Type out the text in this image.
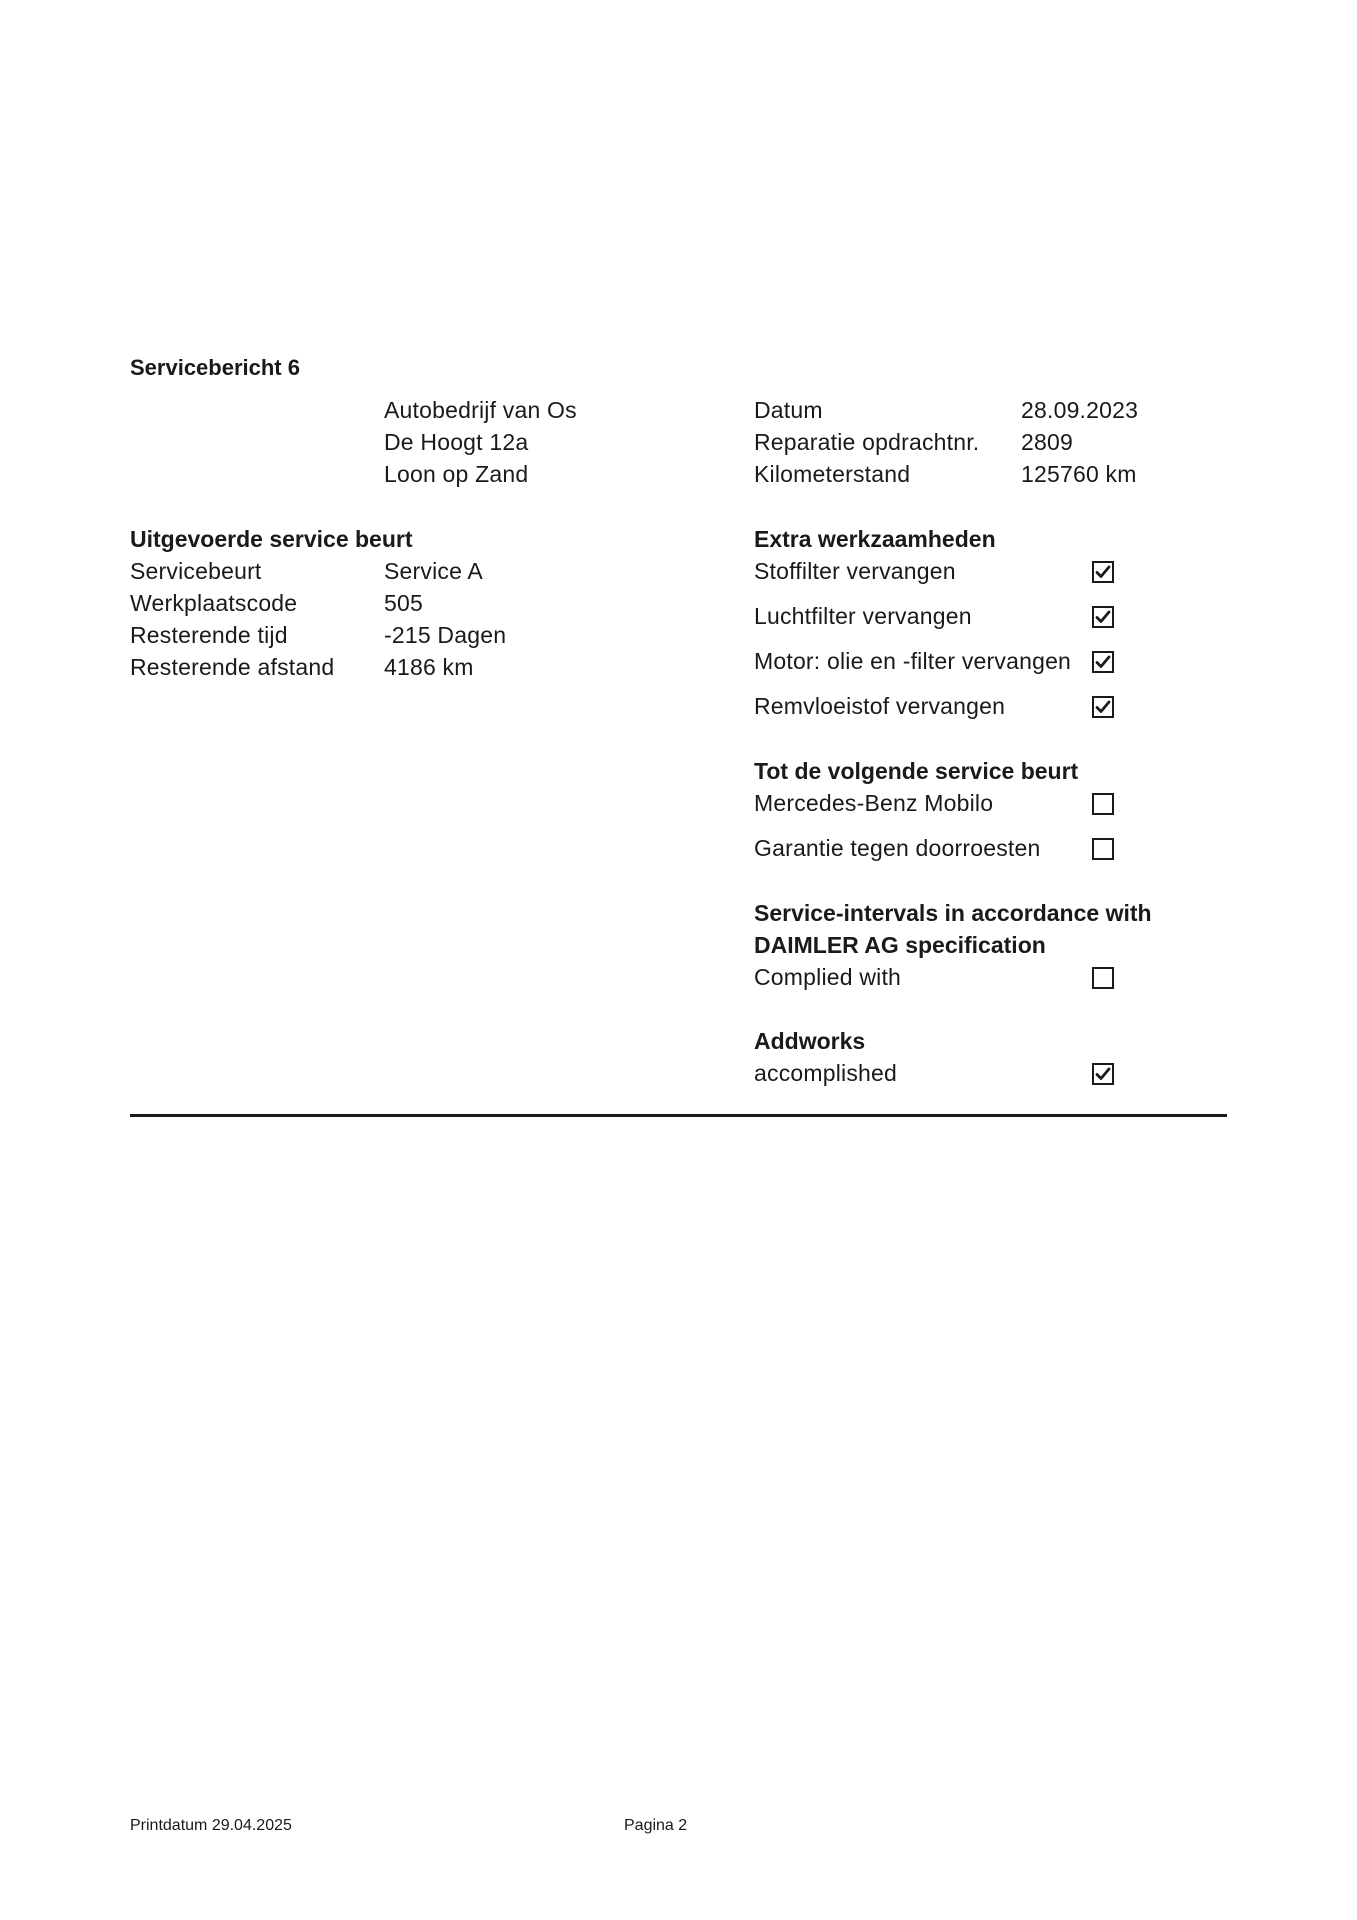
Servicebericht 6
Autobedrijf van Os
De Hoogt 12a
Loon op Zand
Datum	28.09.2023
Reparatie opdrachtnr. 2809
Kilometerstand	125760 km
Uitgevoerde service beurt
Servicebeurt	Service A
Werkplaatscode	505
Resterende tijd	-215 Dagen
Resterende afstand 4186 km
Extra werkzaamheden
Stoffilter vervangen
Luchtfilter vervangen
Motor: olie en -filter vervangen
Remvloeistof vervangen
Tot de volgende service beurt
Mercedes-Benz Mobilo
Garantie tegen doorroesten
Service-intervals in accordance with
DAIMLER AG specification
Complied with
Addworks
accomplished
Printdatum 29.04.2025	Pagina 2
